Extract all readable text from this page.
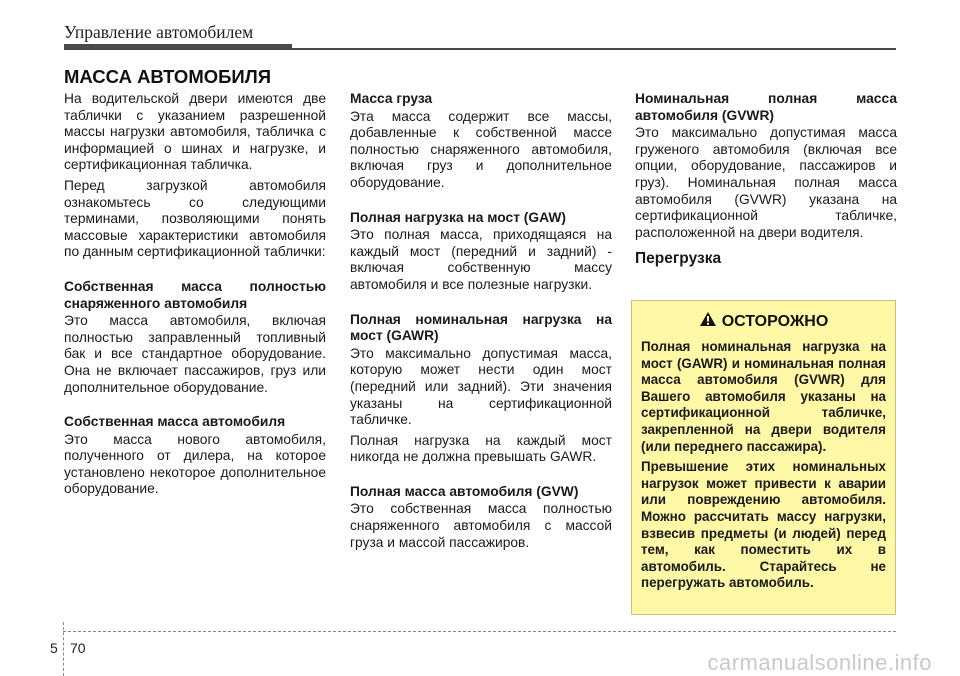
Управление автомобилем
МАССА АВТОМОБИЛЯ

На водительской двери имеются две таблички с указанием разрешенной массы нагрузки автомобиля, табличка с информацией о шинах и нагрузке, и сертификационная табличка.

Перед загрузкой автомобиля ознакомьтесь со следующими терминами, позволяющими понять массовые характеристики автомобиля по данным сертификационной таблички:

Собственная масса полностью снаряженного автомобиля

Это масса автомобиля, включая полностью заправленный топливный бак и все стандартное оборудование. Она не включает пассажиров, груз или дополнительное оборудование.

Собственная масса автомобиля

Это масса нового автомобиля, полученного от дилера, на которое установлено некоторое дополнительное оборудование.

Масса груза

Эта масса содержит все массы, добавленные к собственной массе полностью снаряженного автомобиля, включая груз и дополнительное оборудование.

Полная нагрузка на мост (GAW)

Это полная масса, приходящаяся на каждый мост (передний и задний) - включая собственную массу автомобиля и все полезные нагрузки.

Полная номинальная нагрузка на мост (GAWR)

Это максимально допустимая масса, которую может нести один мост (передний или задний). Эти значения указаны на сертификационной табличке.

Полная нагрузка на каждый мост никогда не должна превышать GAWR.

Полная масса автомобиля (GVW)

Это собственная масса полностью снаряженного автомобиля с массой груза и массой пассажиров.

Номинальная полная масса автомобиля (GVWR)

Это максимально допустимая масса груженого автомобиля (включая все опции, оборудование, пассажиров и груз). Номинальная полная масса автомобиля (GVWR) указана на сертификационной табличке, расположенной на двери водителя.

Перегрузка
ОСТОРОЖНО

Полная номинальная нагрузка на мост (GAWR) и номинальная полная масса автомобиля (GVWR) для Вашего автомобиля указаны на сертификационной табличке, закрепленной на двери водителя (или переднего пассажира).

Превышение этих номинальных нагрузок может привести к аварии или повреждению автомобиля. Можно рассчитать массу нагрузки, взвесив предметы (и людей) перед тем, как поместить их в автомобиль. Старайтесь не перегружать автомобиль.

5 70
carmanualsonline.info
